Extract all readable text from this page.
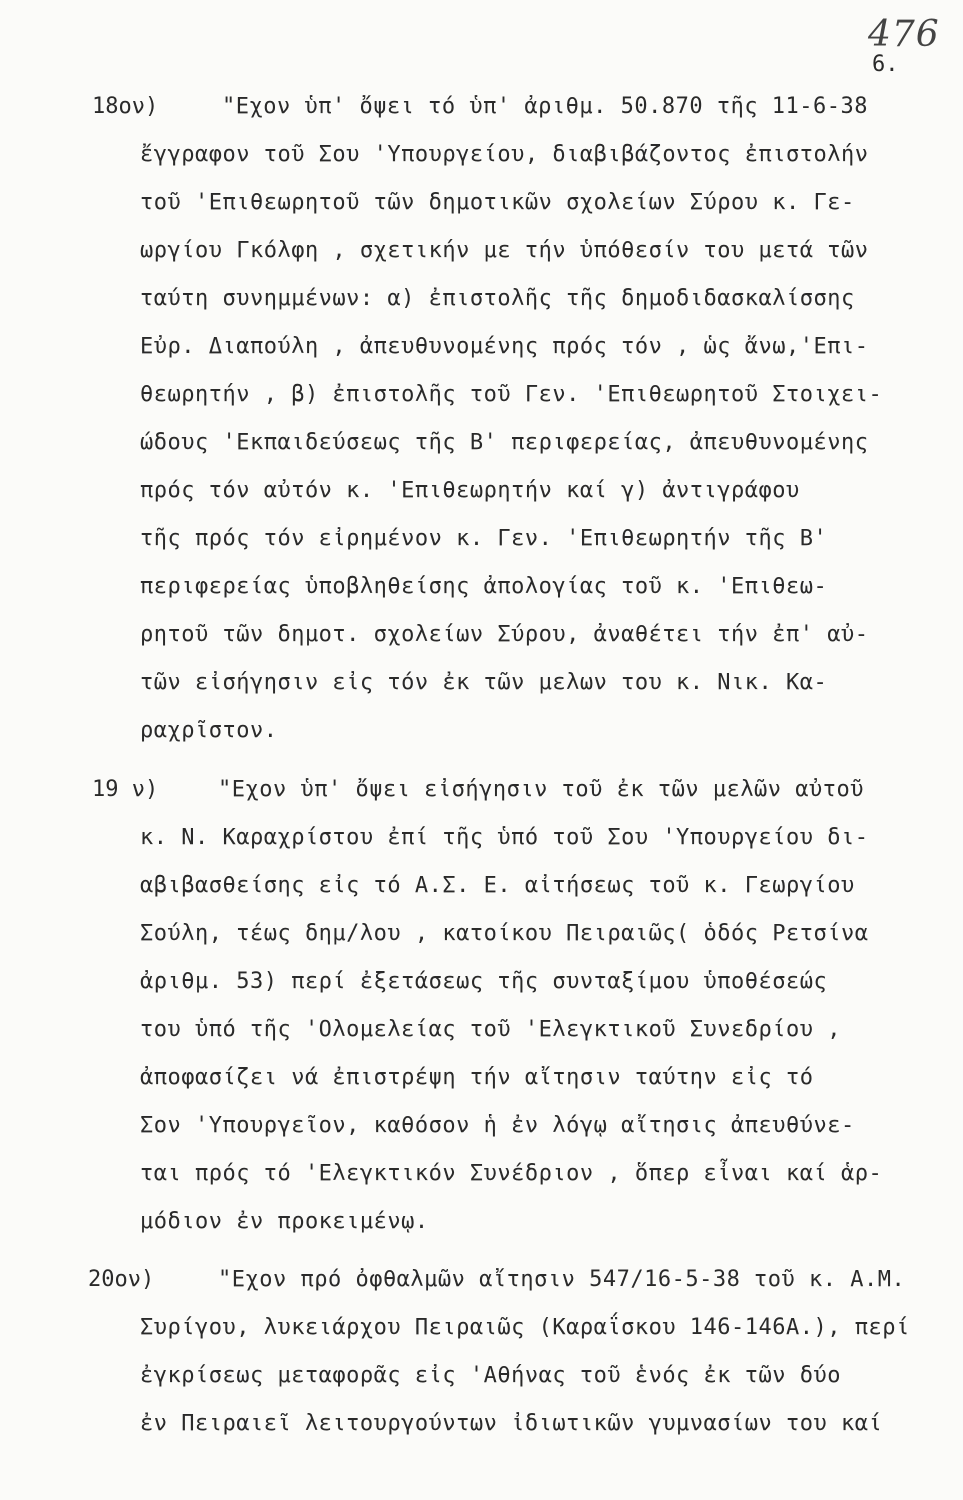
476
6.
18ον)	"Εχον ὑπ' ὄψει τό ὑπ' ἀριθμ. 50.870 τῆς 11-6-38
ἔγγραφον τοῦ Σου 'Υπουργείου, διαβιβάζοντος ἐπιστολήν
τοῦ 'Επιθεωρητοῦ τῶν δημοτικῶν σχολείων Σύρου κ. Γε-
ωργίου Γκόλφη , σχετικήν με τήν ὑπόθεσίν του μετά τῶν
ταύτη συνημμένων: α) ἐπιστολῆς τῆς δημοδιδασκαλίσσης
Εὐρ. Διαπούλη , ἀπευθυνομένης πρός τόν , ὡς ἄνω,'Επι-
θεωρητήν , β) ἐπιστολῆς τοῦ Γεν. 'Επιθεωρητοῦ Στοιχει-
ώδους 'Εκπαιδεύσεως τῆς Β' περιφερείας, ἀπευθυνομένης
πρός τόν αὐτόν κ. 'Επιθεωρητήν καί γ) ἀντιγράφου
τῆς πρός τόν εἰρημένον κ. Γεν. 'Επιθεωρητήν τῆς Β'
περιφερείας ὑποβληθείσης ἀπολογίας τοῦ κ. 'Επιθεω-
ρητοῦ τῶν δημοτ. σχολείων Σύρου, ἀναθέτει τήν ἐπ' αὐ-
τῶν εἰσήγησιν εἰς τόν ἐκ τῶν μελων του κ. Νικ. Κα-
ραχρῖστον.
19 ν)	"Εχον ὑπ' ὄψει εἰσήγησιν τοῦ ἐκ τῶν μελῶν αὐτοῦ
κ. Ν. Καραχρίστου ἐπί τῆς ὑπό τοῦ Σου 'Υπουργείου δι-
αβιβασθείσης εἰς τό Α.Σ. Ε. αἰτήσεως τοῦ κ. Γεωργίου
Σούλη, τέως δημ/λου , κατοίκου Πειραιῶς( ὁδός Ρετσίνα
ἀριθμ. 53) περί ἐξετάσεως τῆς συνταξίμου ὑποθέσεώς
του ὑπό τῆς 'Ολομελείας τοῦ 'Ελεγκτικοῦ Συνεδρίου ,
ἀποφασίζει νά ἐπιστρέψη τήν αἴτησιν ταύτην εἰς τό
Σον 'Υπουργεῖον, καθόσον ἡ ἐν λόγῳ αἴτησις ἀπευθύνε-
ται πρός τό 'Ελεγκτικόν Συνέδριον , ὅπερ εἶναι καί ἁρ-
μόδιον ἐν προκειμένῳ.
20ον)	"Εχον πρό ὀφθαλμῶν αἴτησιν 547/16-5-38 τοῦ κ. Α.Μ.
Συρίγου, λυκειάρχου Πειραιῶς (Καραΐσκου 146-146Α.), περί
ἐγκρίσεως μεταφορᾶς εἰς 'Αθήνας τοῦ ἑνός ἐκ τῶν δύο
ἐν Πειραιεῖ λειτουργούντων ἰδιωτικῶν γυμνασίων του καί
